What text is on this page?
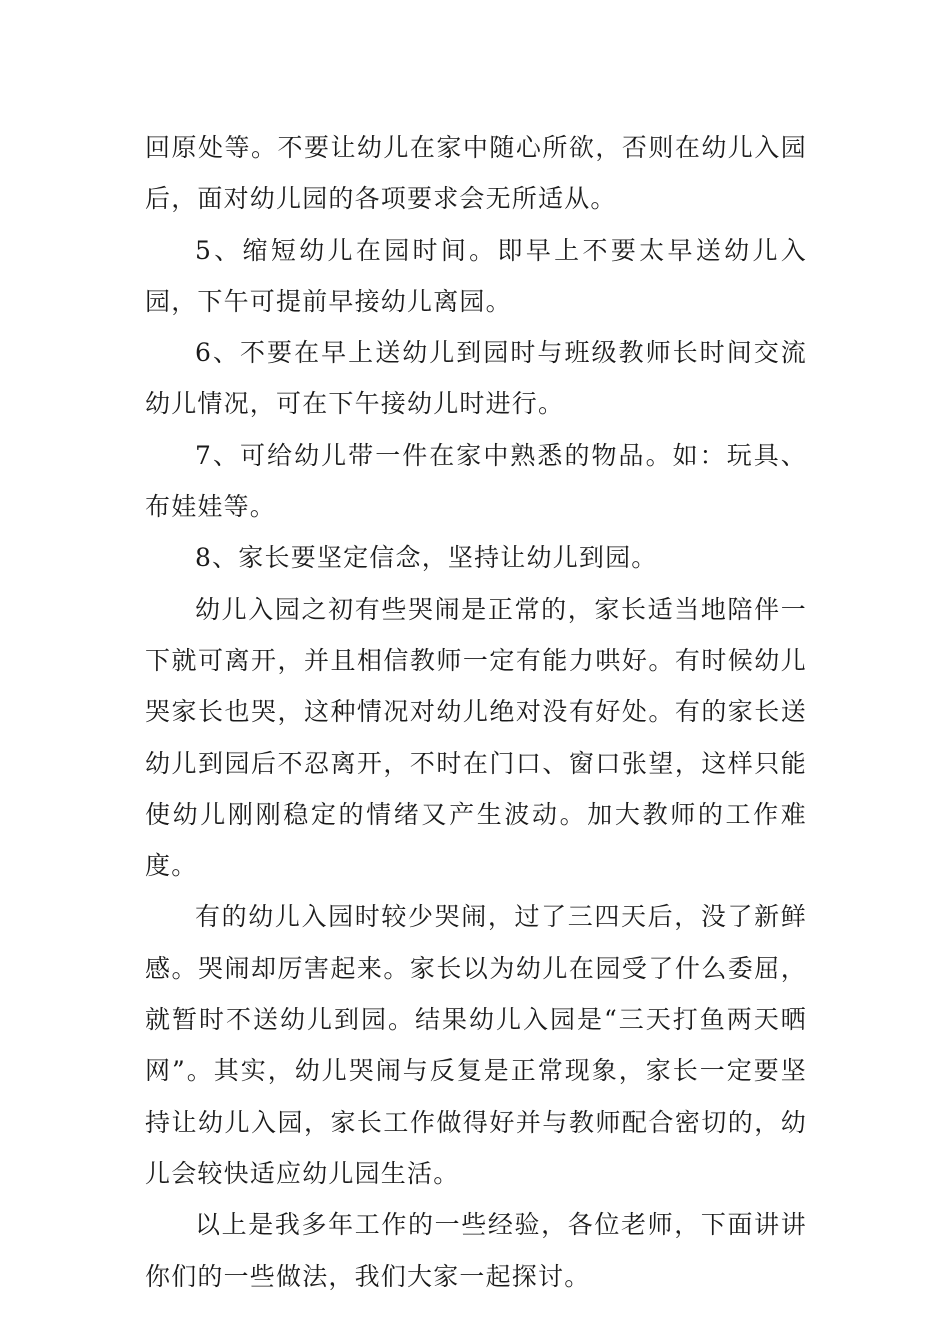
回原处等。不要让幼儿在家中随心所欲，否则在幼儿入园后，面对幼儿园的各项要求会无所适从。

5、缩短幼儿在园时间。即早上不要太早送幼儿入园，下午可提前早接幼儿离园。

6、不要在早上送幼儿到园时与班级教师长时间交流幼儿情况，可在下午接幼儿时进行。

7、可给幼儿带一件在家中熟悉的物品。如：玩具、布娃娃等。

8、家长要坚定信念，坚持让幼儿到园。

幼儿入园之初有些哭闹是正常的，家长适当地陪伴一下就可离开，并且相信教师一定有能力哄好。有时候幼儿哭家长也哭，这种情况对幼儿绝对没有好处。有的家长送幼儿到园后不忍离开，不时在门口、窗口张望，这样只能使幼儿刚刚稳定的情绪又产生波动。加大教师的工作难度。

有的幼儿入园时较少哭闹，过了三四天后，没了新鲜感。哭闹却厉害起来。家长以为幼儿在园受了什么委屈，就暂时不送幼儿到园。结果幼儿入园是“三天打鱼两天晒网”。其实，幼儿哭闹与反复是正常现象，家长一定要坚持让幼儿入园，家长工作做得好并与教师配合密切的，幼儿会较快适应幼儿园生活。

以上是我多年工作的一些经验，各位老师，下面讲讲你们的一些做法，我们大家一起探讨。
